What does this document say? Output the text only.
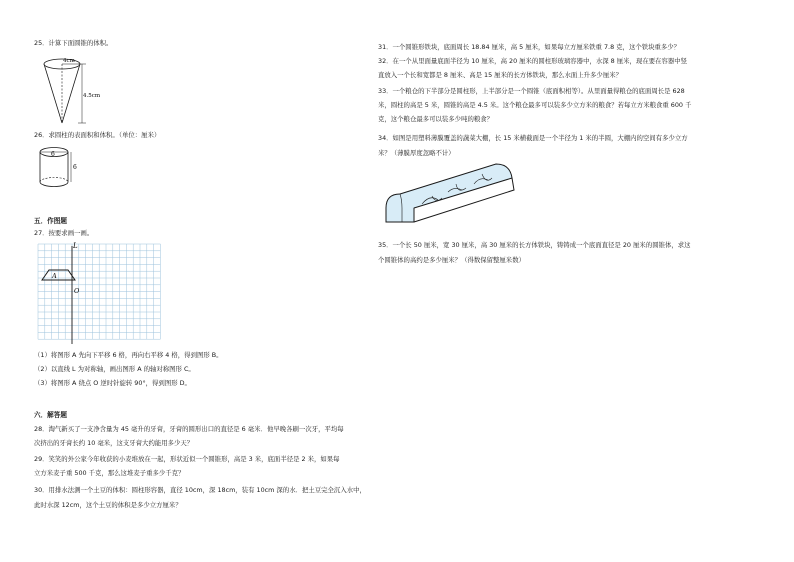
25．计算下面圆锥的体积。

4cm
4.5cm

26．求圆柱的表面积和体积。（单位：厘米）

6
6

五．作图题

27．按要求画一画。

L
A
O

（1）将图形 A 先向下平移 6 格，再向右平移 4 格，得到图形 B。

（2）以直线 L 为对称轴，画出图形 A 的轴对称图形 C。

（3）将图形 A 绕点 O 逆时针旋转 90°，得到图形 D。

六．解答题

28．淘气新买了一支净含量为 45 毫升的牙膏，牙膏的圆形出口的直径是 6 毫米．他早晚各刷一次牙，平均每

次挤出的牙膏长约 10 毫米，这支牙膏大约能用多少天？

29．笑笑的外公家今年收获的小麦堆放在一起，形状近似一个圆锥形，高是 3 米，底面半径是 2 米，如果每

立方米麦子重 500 千克，那么这堆麦子重多少千克？

30．用排水法测一个土豆的体积：圆柱形容器，直径 10cm，深 18cm，装有 10cm 深的水．把土豆完全沉入水中，

此时水深 12cm，这个土豆的体积是多少立方厘米？

31．一个圆锥形铁块，底面周长 18.84 厘米，高 5 厘米，如果每立方厘米铁重 7.8 克，这个铁块重多少？

32．在一个从里面量底面半径为 10 厘米，高 20 厘米的圆柱形玻璃容器中，水深 8 厘米，现在要在容器中竖

直放入一个长和宽都是 8 厘米、高是 15 厘米的长方体铁块，那么水面上升多少厘米？

33．一个粮仓的下半部分是圆柱形，上半部分是一个圆锥（底面积相等）。从里面量得粮仓的底面周长是 628

米，圆柱的高是 5 米，圆锥的高是 4.5 米。这个粮仓最多可以装多少立方米的粮食？若每立方米粮食重 600 千

克，这个粮仓最多可以装多少吨的粮食？

34．如图是用塑料薄膜覆盖的蔬菜大棚，长 15 米横截面是一个半径为 1 米的半圆，大棚内的空间有多少立方

米？（薄膜厚度忽略不计）

35．一个长 50 厘米，宽 30 厘米，高 30 厘米的长方体铁块，铸铸成一个底面直径是 20 厘米的圆锥体，求这

个圆锥体的高约是多少厘米？（得数保留整厘米数）
